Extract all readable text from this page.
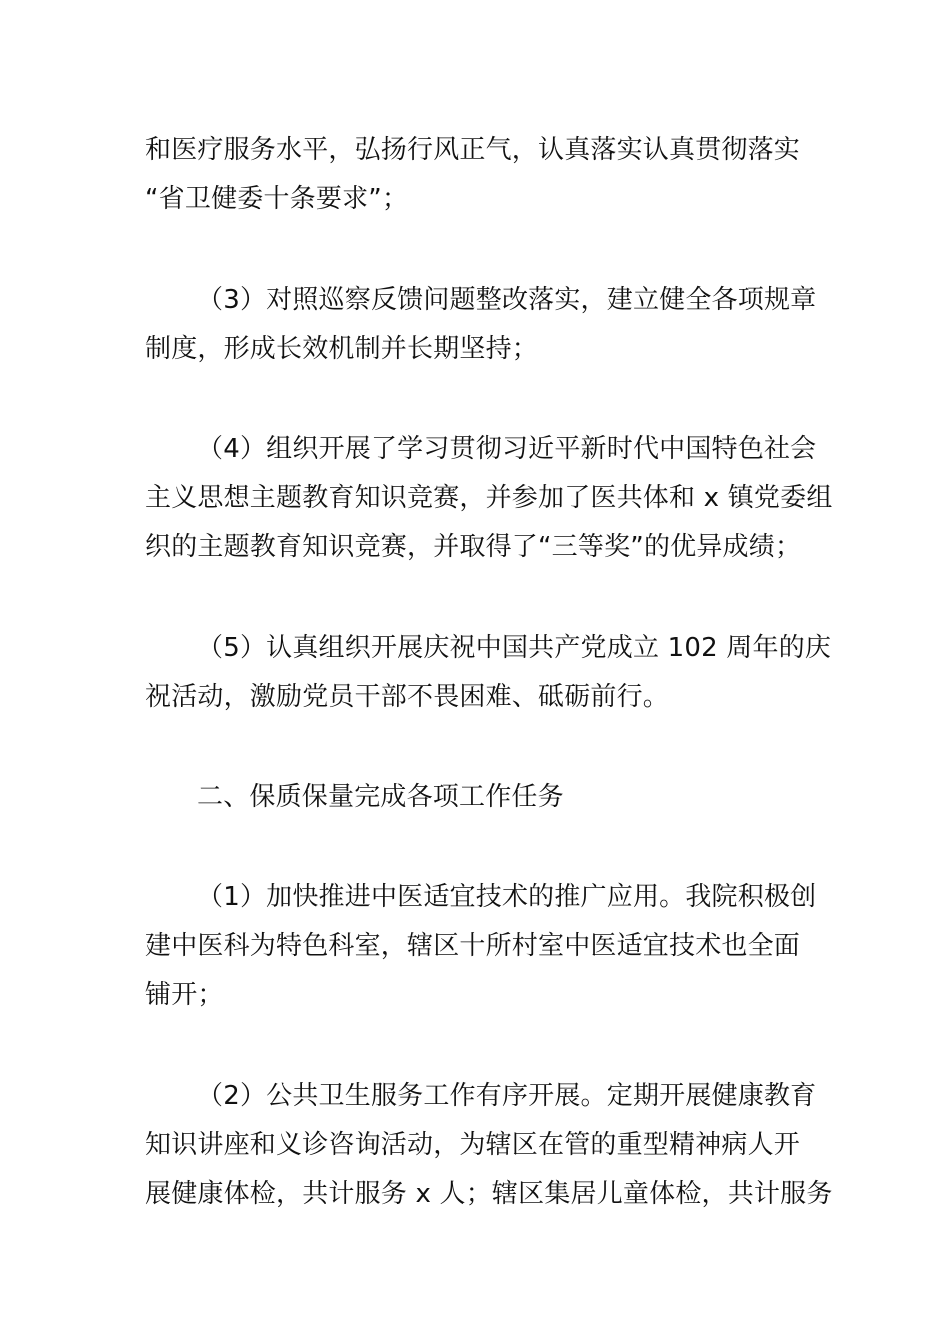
和医疗服务水平，弘扬行风正气，认真落实认真贯彻落实
“省卫健委十条要求”；
（3）对照巡察反馈问题整改落实，建立健全各项规章
制度，形成长效机制并长期坚持；
（4）组织开展了学习贯彻习近平新时代中国特色社会
主义思想主题教育知识竞赛，并参加了医共体和 x 镇党委组
织的主题教育知识竞赛，并取得了“三等奖”的优异成绩；
（5）认真组织开展庆祝中国共产党成立 102 周年的庆
祝活动，激励党员干部不畏困难、砥砺前行。
二、保质保量完成各项工作任务
（1）加快推进中医适宜技术的推广应用。我院积极创
建中医科为特色科室，辖区十所村室中医适宜技术也全面
铺开；
（2）公共卫生服务工作有序开展。定期开展健康教育
知识讲座和义诊咨询活动，为辖区在管的重型精神病人开
展健康体检，共计服务 x 人；辖区集居儿童体检，共计服务
